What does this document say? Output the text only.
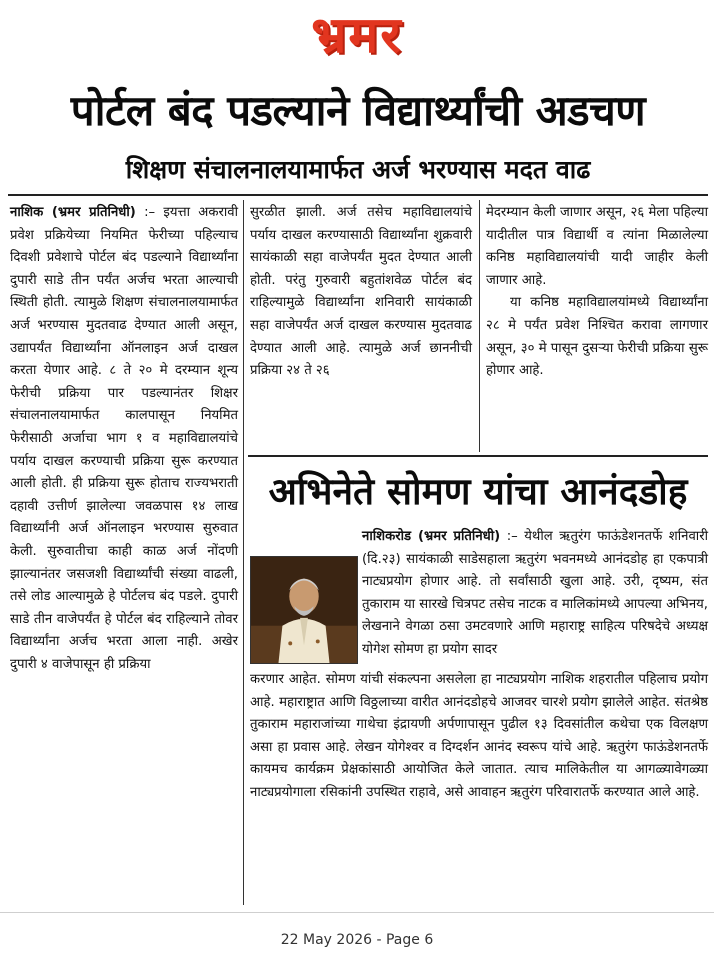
भ्रमर
पोर्टल बंद पडल्याने विद्यार्थ्यांची अडचण
शिक्षण संचालनालयामार्फत अर्ज भरण्यास मदत वाढ

नाशिक (भ्रमर प्रतिनिधी) :– इयत्ता अकरावी प्रवेश प्रक्रियेच्या नियमित फेरीच्या पहिल्याच दिवशी प्रवेशाचे पोर्टल बंद पडल्याने विद्यार्थ्यांना दुपारी साडे तीन पर्यंत अर्जच भरता आल्याची स्थिती होती. त्यामुळे शिक्षण संचालनालयामार्फत अर्ज भरण्यास मुदतवाढ देण्यात आली असून, उद्यापर्यंत विद्यार्थ्यांना ऑनलाइन अर्ज दाखल करता येणार आहे. ८ ते २० मे दरम्यान शून्य फेरीची प्रक्रिया पार पडल्यानंतर शिक्षर संचालनालयामार्फत कालपासून नियमित फेरीसाठी अर्जाचा भाग १ व महाविद्यालयांचे पर्याय दाखल करण्याची प्रक्रिया सुरू करण्यात आली होती. ही प्रक्रिया सुरू होताच राज्यभराती दहावी उत्तीर्ण झालेल्या जवळपास १४ लाख विद्यार्थ्यांनी अर्ज ऑनलाइन भरण्यास सुरुवात केली. सुरुवातीचा काही काळ अर्ज नोंदणी झाल्यानंतर जसजशी विद्यार्थ्यांची संख्या वाढली, तसे लोड आल्यामुळे हे पोर्टलच बंद पडले. दुपारी साडे तीन वाजेपर्यंत हे पोर्टल बंद राहिल्याने तोवर विद्यार्थ्यांना अर्जच भरता आला नाही. अखेर दुपारी ४ वाजेपासून ही प्रक्रिया

सुरळीत झाली. अर्ज तसेच महाविद्यालयांचे पर्याय दाखल करण्यासाठी विद्यार्थ्यांना शुक्रवारी सायंकाळी सहा वाजेपर्यंत मुदत देण्यात आली होती. परंतु गुरुवारी बहुतांशवेळ पोर्टल बंद राहिल्यामुळे विद्यार्थ्यांना शनिवारी सायंकाळी सहा वाजेपर्यंत अर्ज दाखल करण्यास मुदतवाढ देण्यात आली आहे. त्यामुळे अर्ज छाननीची प्रक्रिया २४ ते २६

मेदरम्यान केली जाणार असून, २६ मेला पहिल्या यादीतील पात्र विद्यार्थी व त्यांना मिळालेल्या कनिष्ठ महाविद्यालयांची यादी जाहीर केली जाणार आहे.

या कनिष्ठ महाविद्यालयांमध्ये विद्यार्थ्यांना २८ मे पर्यंत प्रवेश निश्चित करावा लागणार असून, ३० मे पासून दुसऱ्या फेरीची प्रक्रिया सुरू होणार आहे.

अभिनेते सोमण यांचा आनंदडोह
नाशिकरोड (भ्रमर प्रतिनिधी) :– येथील ऋतुरंग फाऊंडेशनतर्फे शनिवारी (दि.२३) सायंकाळी साडेसहाला ऋतुरंग भवनमध्ये आनंदडोह हा एकपात्री नाट्यप्रयोग होणार आहे. तो सर्वांसाठी खुला आहे. उरी, दृष्यम, संत तुकाराम या सारखे चित्रपट तसेच नाटक व मालिकांमध्ये आपल्या अभिनय, लेखनाने वेगळा ठसा उमटवणारे आणि महाराष्ट्र साहित्य परिषदेचे अध्यक्ष योगेश सोमण हा प्रयोग सादर
करणार आहेत. सोमण यांची संकल्पना असलेला हा नाट्यप्रयोग नाशिक शहरातील पहिलाच प्रयोग आहे. महाराष्ट्रात आणि विठ्ठलाच्या वारीत आनंदडोहचे आजवर चारशे प्रयोग झालेले आहेत. संतश्रेष्ठ तुकाराम महाराजांच्या गाथेचा इंद्रायणी अर्पणापासून पुढील १३ दिवसांतील कथेचा एक विलक्षण असा हा प्रवास आहे. लेखन योगेश्वर व दिग्दर्शन आनंद स्वरूप यांचे आहे. ऋतुरंग फाऊंडेशनतर्फे कायमच कार्यक्रम प्रेक्षकांसाठी आयोजित केले जातात. त्याच मालिकेतील या आगळ्यावेगळ्या नाट्यप्रयोगाला रसिकांनी उपस्थित राहावे, असे आवाहन ऋतुरंग परिवारातर्फे करण्यात आले आहे.
22 May 2026 - Page 6
